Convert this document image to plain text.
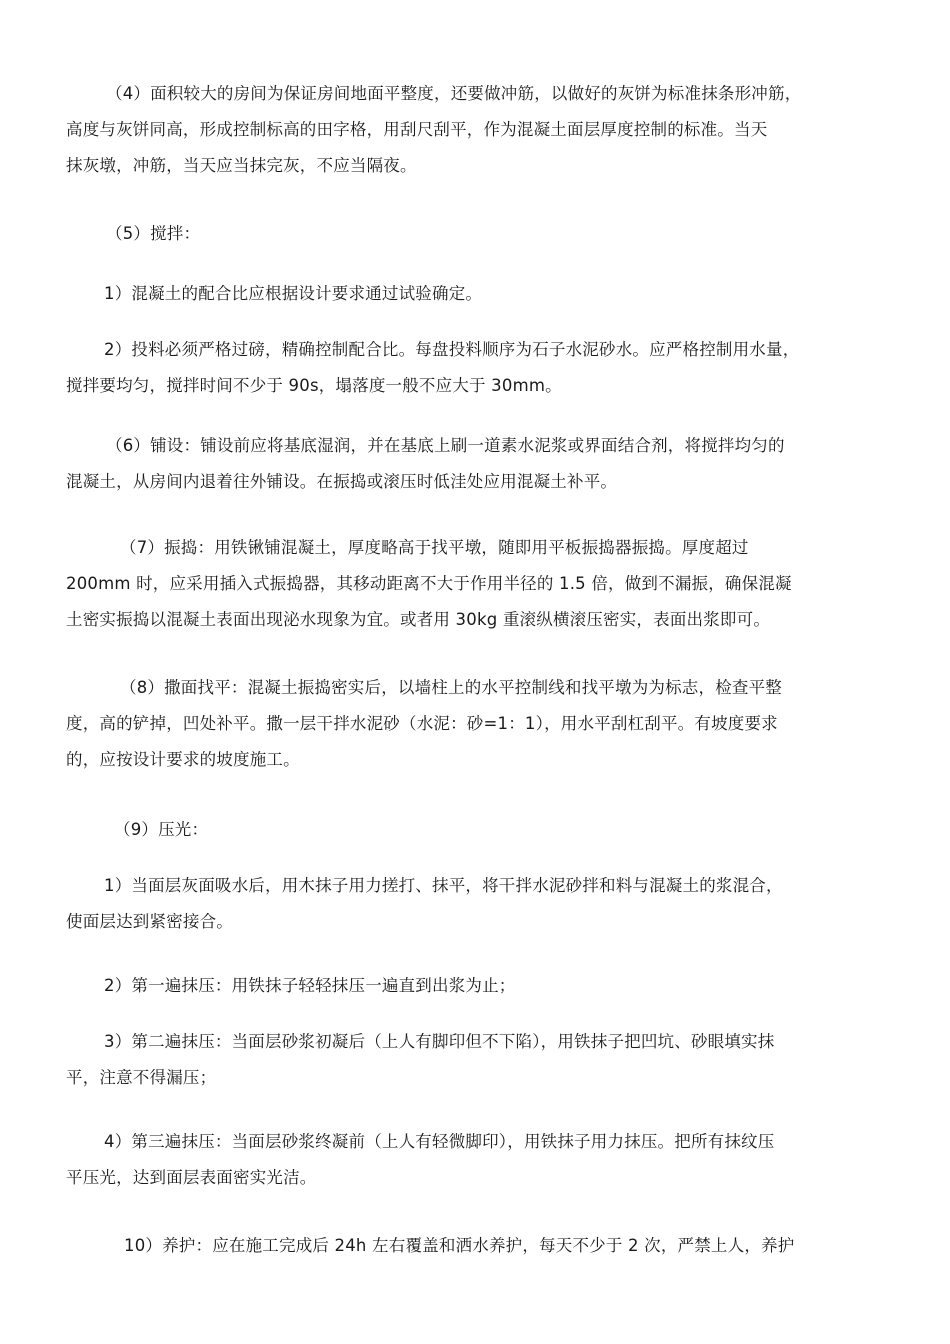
（4）面积较大的房间为保证房间地面平整度，还要做冲筋，以做好的灰饼为标准抹条形冲筋，
高度与灰饼同高，形成控制标高的田字格，用刮尺刮平，作为混凝土面层厚度控制的标准。当天
抹灰墩，冲筋，当天应当抹完灰，不应当隔夜。

（5）搅拌：

1）混凝土的配合比应根据设计要求通过试验确定。

2）投料必须严格过磅，精确控制配合比。每盘投料顺序为石子水泥砂水。应严格控制用水量，
搅拌要均匀，搅拌时间不少于 90s，塌落度一般不应大于 30mm。

（6）铺设：铺设前应将基底湿润，并在基底上刷一道素水泥浆或界面结合剂，将搅拌均匀的
混凝土，从房间内退着往外铺设。在振捣或滚压时低洼处应用混凝土补平。

（7）振捣：用铁锹铺混凝土，厚度略高于找平墩，随即用平板振捣器振捣。厚度超过
200mm 时，应采用插入式振捣器，其移动距离不大于作用半径的 1.5 倍，做到不漏振，确保混凝
土密实振捣以混凝土表面出现泌水现象为宜。或者用 30kg 重滚纵横滚压密实，表面出浆即可。

（8）撒面找平：混凝土振捣密实后，以墙柱上的水平控制线和找平墩为为标志，检查平整
度，高的铲掉，凹处补平。撒一层干拌水泥砂（水泥：砂=1：1），用水平刮杠刮平。有坡度要求
的，应按设计要求的坡度施工。

（9）压光：

1）当面层灰面吸水后，用木抹子用力搓打、抹平，将干拌水泥砂拌和料与混凝土的浆混合，
使面层达到紧密接合。

2）第一遍抹压：用铁抹子轻轻抹压一遍直到出浆为止；

3）第二遍抹压：当面层砂浆初凝后（上人有脚印但不下陷），用铁抹子把凹坑、砂眼填实抹
平，注意不得漏压；

4）第三遍抹压：当面层砂浆终凝前（上人有轻微脚印），用铁抹子用力抹压。把所有抹纹压
平压光，达到面层表面密实光洁。

10）养护：应在施工完成后 24h 左右覆盖和洒水养护，每天不少于 2 次，严禁上人，养护
